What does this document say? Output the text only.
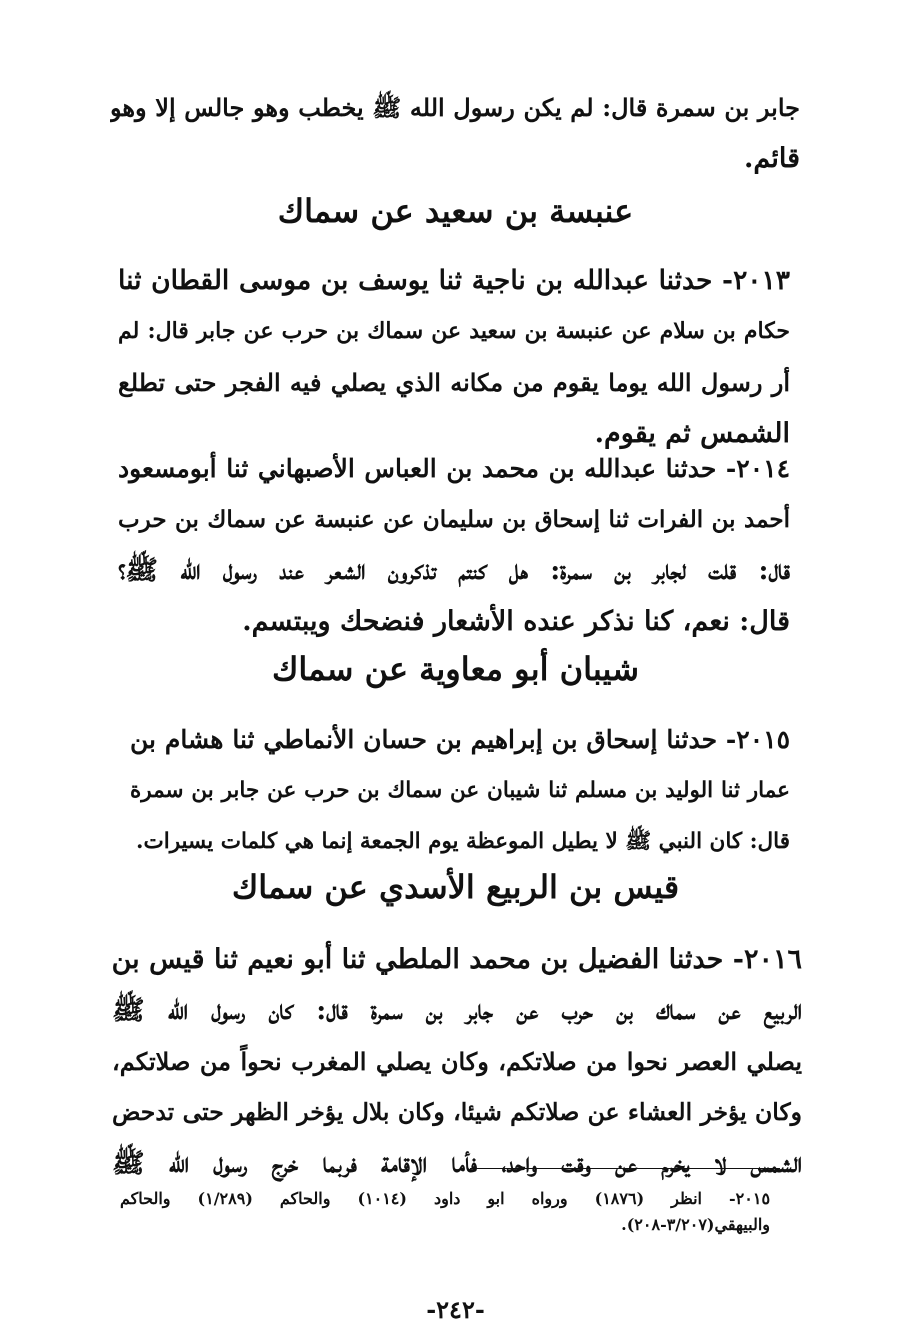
جابر بن سمرة قال: لم يكن رسول الله ﷺ يخطب وهو جالس إلا وهو
قائم.
عنبسة بن سعيد عن سماك
٢٠١٣- حدثنا عبدالله بن ناجية ثنا يوسف بن موسى القطان ثنا
حكام بن سلام عن عنبسة بن سعيد عن سماك بن حرب عن جابر قال: لم
أر رسول الله يوما يقوم من مكانه الذي يصلي فيه الفجر حتى تطلع
الشمس ثم يقوم.
٢٠١٤- حدثنا عبدالله بن محمد بن العباس الأصبهاني ثنا أبومسعود
أحمد بن الفرات ثنا إسحاق بن سليمان عن عنبسة عن سماك بن حرب
قال: قلت لجابر بن سمرة: هل كنتم تذكرون الشعر عند رسول الله ﷺ؟
قال: نعم، كنا نذكر عنده الأشعار فنضحك ويبتسم.
شيبان أبو معاوية عن سماك
٢٠١٥- حدثنا إسحاق بن إبراهيم بن حسان الأنماطي ثنا هشام بن
عمار ثنا الوليد بن مسلم ثنا شيبان عن سماك بن حرب عن جابر بن سمرة
قال: كان النبي ﷺ لا يطيل الموعظة يوم الجمعة إنما هي كلمات يسيرات.
قيس بن الربيع الأسدي عن سماك
٢٠١٦- حدثنا الفضيل بن محمد الملطي ثنا أبو نعيم ثنا قيس بن
الربيع عن سماك بن حرب عن جابر بن سمرة قال: كان رسول الله ﷺ
يصلي العصر نحوا من صلاتكم، وكان يصلي المغرب نحواً من صلاتكم،
وكان يؤخر العشاء عن صلاتكم شيئا، وكان بلال يؤخر الظهر حتى تدحض
الشمس لا يخرم عن وقت واحد، فأما الإقامة فربما خرج رسول الله ﷺ
٢٠١٥- انظر (١٨٧٦) ورواه ابو داود (١٠١٤) والحاكم (١/٢٨٩) والحاكم
والبيهقي(٣/٢٠٧-٢٠٨).
-٢٤٢-
